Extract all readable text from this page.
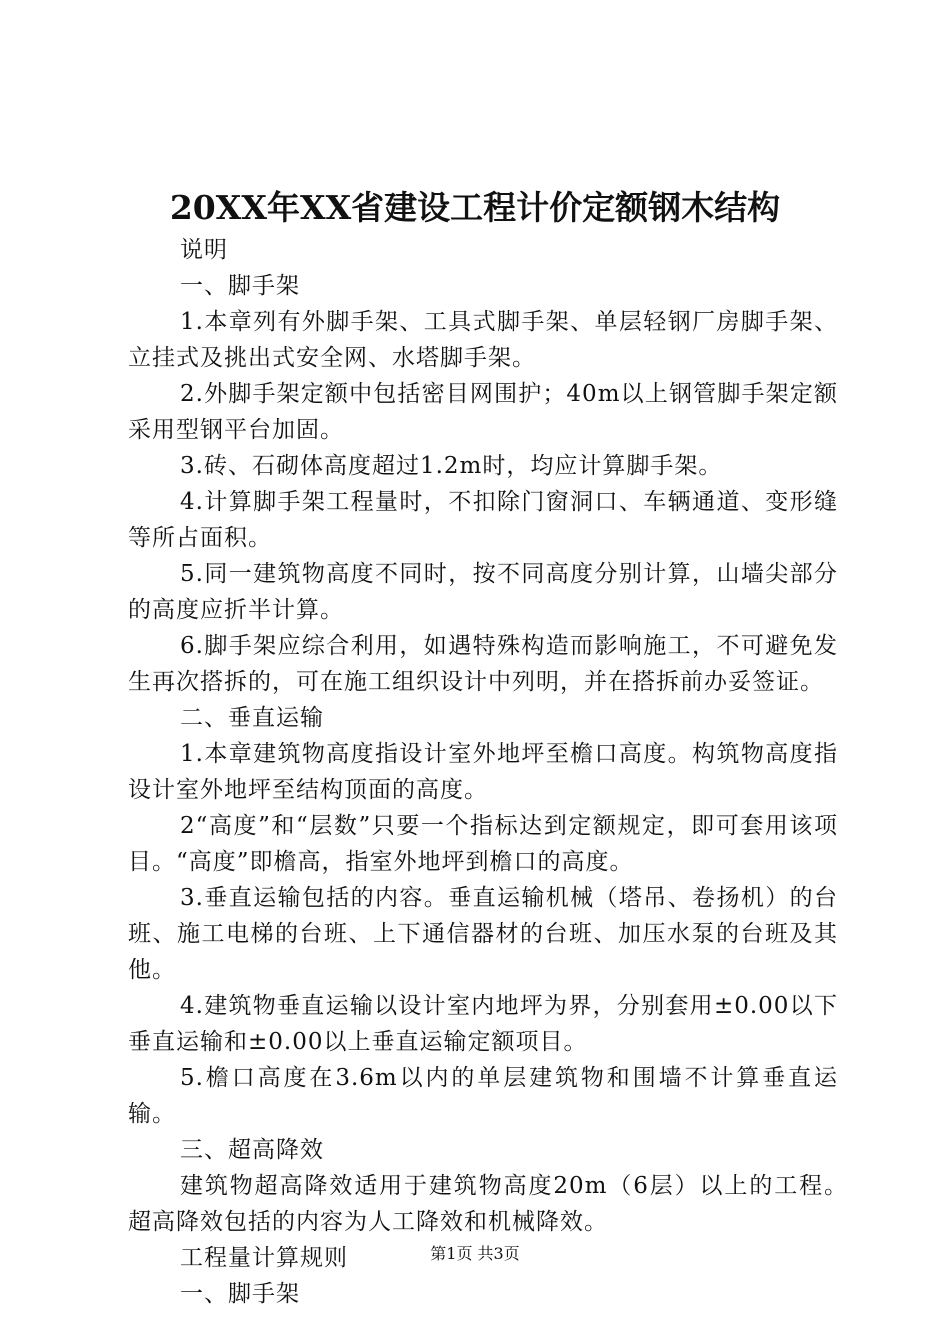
20XX年XX省建设工程计价定额钢木结构

说明

一、脚手架

1.本章列有外脚手架、工具式脚手架、单层轻钢厂房脚手架、立挂式及挑出式安全网、水塔脚手架。

2.外脚手架定额中包括密目网围护；40m以上钢管脚手架定额采用型钢平台加固。

3.砖、石砌体高度超过1.2m时，均应计算脚手架。

4.计算脚手架工程量时，不扣除门窗洞口、车辆通道、变形缝等所占面积。

5.同一建筑物高度不同时，按不同高度分别计算，山墙尖部分的高度应折半计算。

6.脚手架应综合利用，如遇特殊构造而影响施工，不可避免发生再次搭拆的，可在施工组织设计中列明，并在搭拆前办妥签证。

二、垂直运输

1.本章建筑物高度指设计室外地坪至檐口高度。构筑物高度指设计室外地坪至结构顶面的高度。

2“高度”和“层数”只要一个指标达到定额规定，即可套用该项目。“高度”即檐高，指室外地坪到檐口的高度。

3.垂直运输包括的内容。垂直运输机械（塔吊、卷扬机）的台班、施工电梯的台班、上下通信器材的台班、加压水泵的台班及其他。

4.建筑物垂直运输以设计室内地坪为界，分别套用±0.00以下垂直运输和±0.00以上垂直运输定额项目。

5.檐口高度在3.6m以内的单层建筑物和围墙不计算垂直运输。

三、超高降效

建筑物超高降效适用于建筑物高度20m（6层）以上的工程。超高降效包括的内容为人工降效和机械降效。

工程量计算规则

一、脚手架

第1页 共3页
